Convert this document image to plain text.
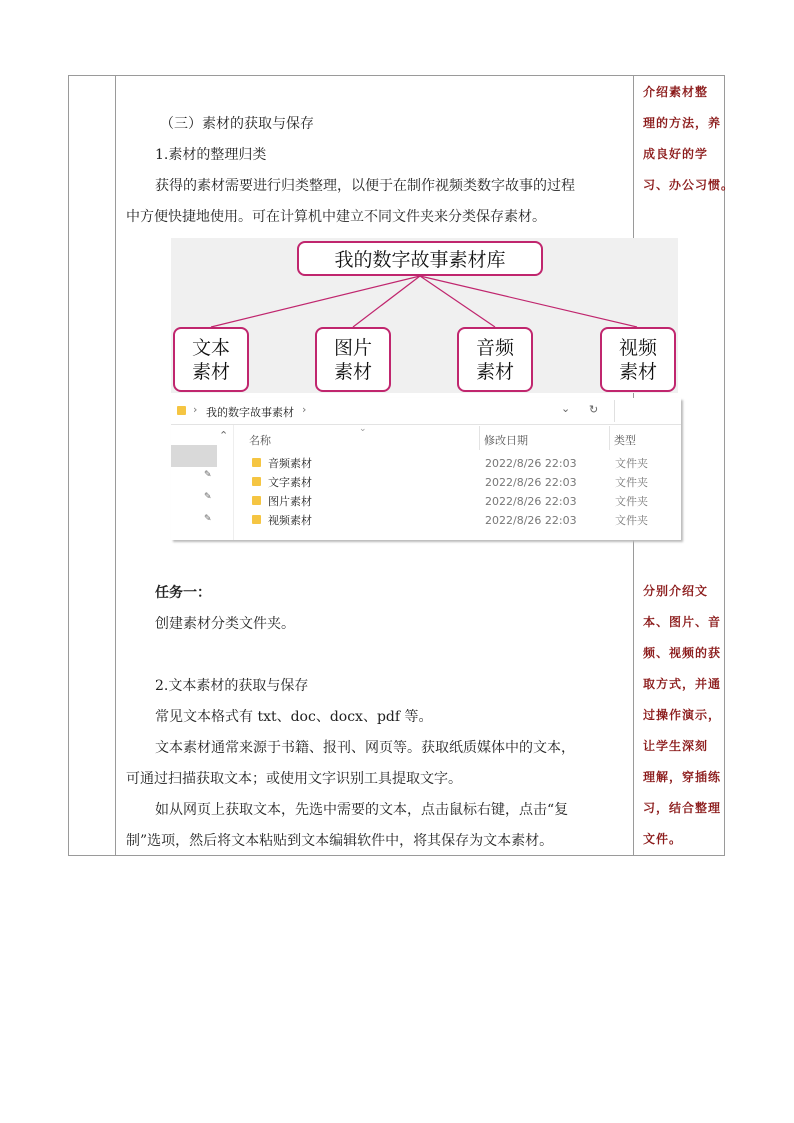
（三）素材的获取与保存
1.素材的整理归类
获得的素材需要进行归类整理，以便于在制作视频类数字故事的过程
中方便快捷地使用。可在计算机中建立不同文件夹来分类保存素材。
我的数字故事素材库
文本素材
图片素材
音频素材
视频素材
› 我的数字故事素材 ›	⌄ ↻
⌃
✎
✎
✎
⌄
名称	修改日期	类型
音频素材	2022/8/26 22:03	文件夹
文字素材	2022/8/26 22:03	文件夹
图片素材	2022/8/26 22:03	文件夹
视频素材	2022/8/26 22:03	文件夹
任务一：
创建素材分类文件夹。
2.文本素材的获取与保存
常见文本格式有 txt、doc、docx、pdf 等。
文本素材通常来源于书籍、报刊、网页等。获取纸质媒体中的文本，
可通过扫描获取文本；或使用文字识别工具提取文字。
如从网页上获取文本，先选中需要的文本，点击鼠标右键，点击“复
制”选项，然后将文本粘贴到文本编辑软件中，将其保存为文本素材。
介绍素材整
理的方法，养
成良好的学
习、办公习惯。
分别介绍文
本、图片、音
频、视频的获
取方式，并通
过操作演示，
让学生深刻
理解，穿插练
习，结合整理
文件。
